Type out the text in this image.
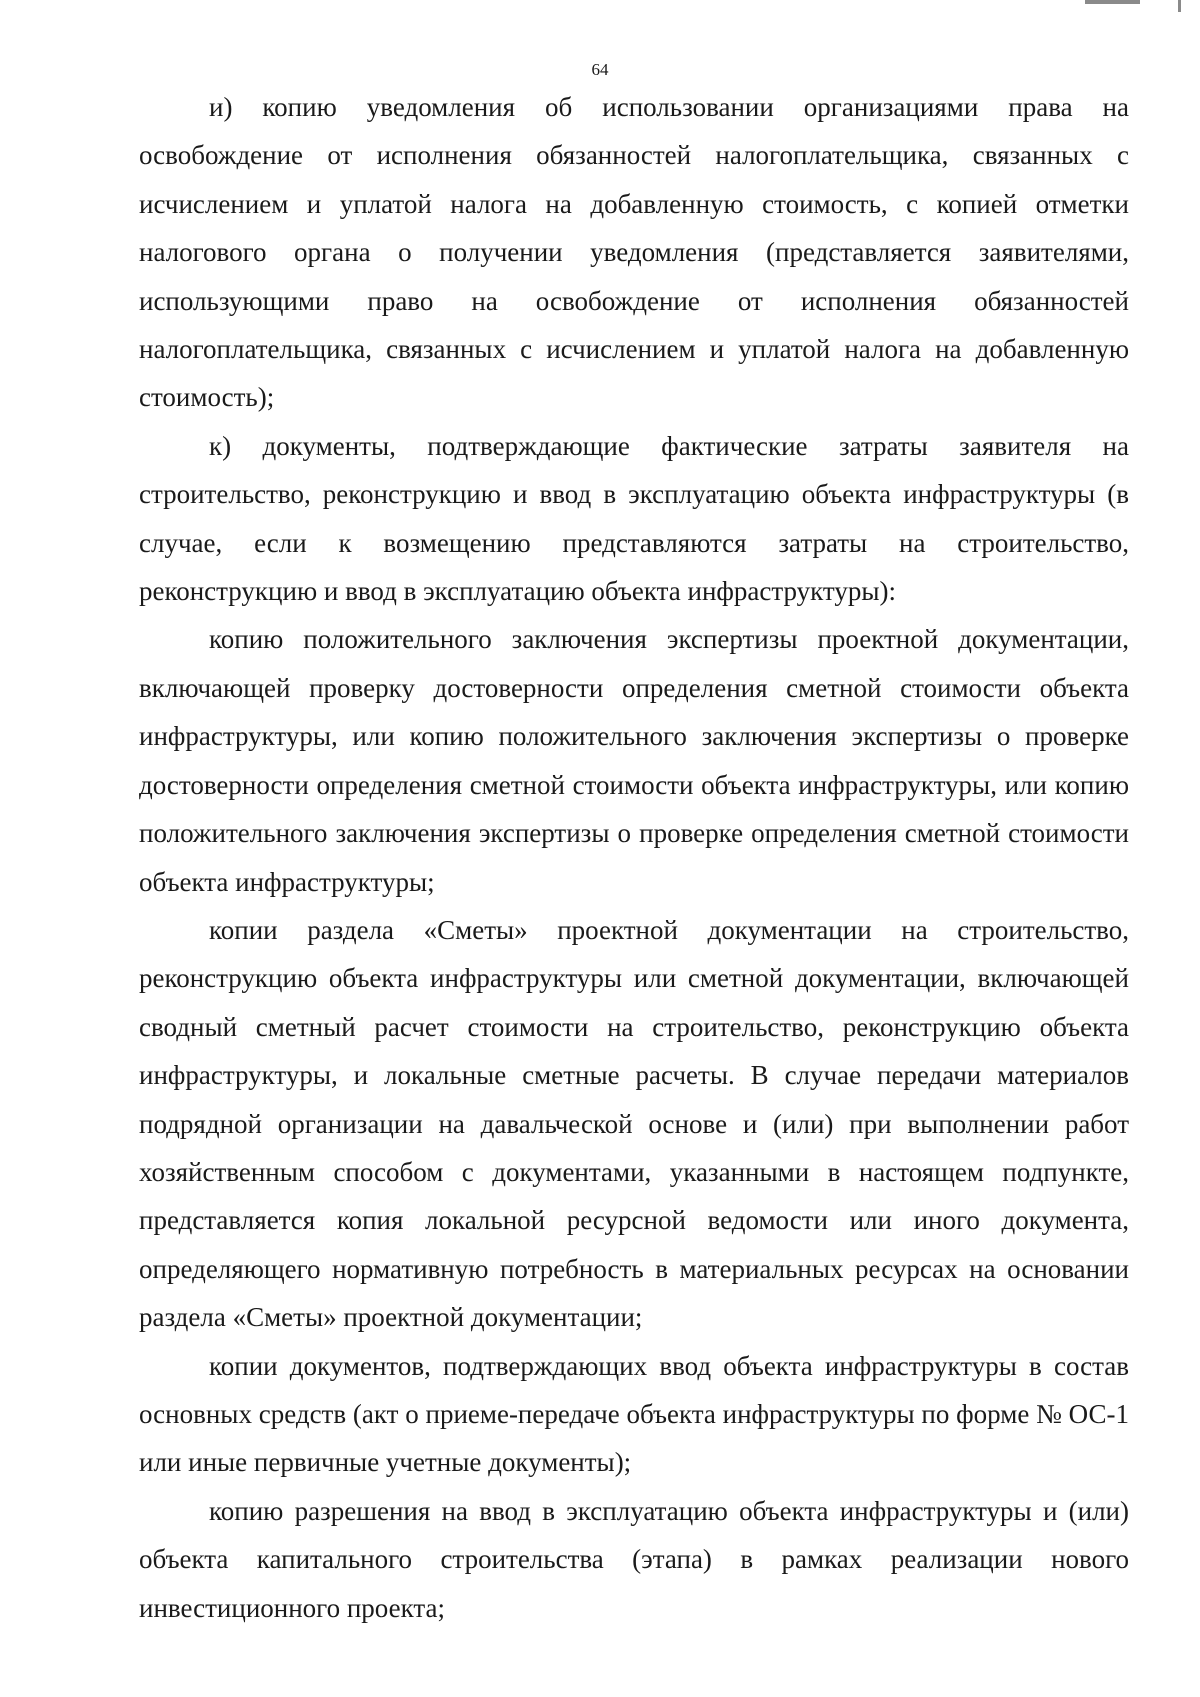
64

и) копию уведомления об использовании организациями права на освобождение от исполнения обязанностей налогоплательщика, связанных с исчислением и уплатой налога на добавленную стоимость, с копией отметки налогового органа о получении уведомления (представляется заявителями, использующими право на освобождение от исполнения обязанностей налогоплательщика, связанных с исчислением и уплатой налога на добавленную стоимость);

к) документы, подтверждающие фактические затраты заявителя на строительство, реконструкцию и ввод в эксплуатацию объекта инфраструктуры (в случае, если к возмещению представляются затраты на строительство, реконструкцию и ввод в эксплуатацию объекта инфраструктуры):

копию положительного заключения экспертизы проектной документации, включающей проверку достоверности определения сметной стоимости объекта инфраструктуры, или копию положительного заключения экспертизы о проверке достоверности определения сметной стоимости объекта инфраструктуры, или копию положительного заключения экспертизы о проверке определения сметной стоимости объекта инфраструктуры;

копии раздела «Сметы» проектной документации на строительство, реконструкцию объекта инфраструктуры или сметной документации, включающей сводный сметный расчет стоимости на строительство, реконструкцию объекта инфраструктуры, и локальные сметные расчеты. В случае передачи материалов подрядной организации на давальческой основе и (или) при выполнении работ хозяйственным способом с документами, указанными в настоящем подпункте, представляется копия локальной ресурсной ведомости или иного документа, определяющего нормативную потребность в материальных ресурсах на основании раздела «Сметы» проектной документации;

копии документов, подтверждающих ввод объекта инфраструктуры в состав основных средств (акт о приеме-передаче объекта инфраструктуры по форме № ОС-1 или иные первичные учетные документы);

копию разрешения на ввод в эксплуатацию объекта инфраструктуры и (или) объекта капитального строительства (этапа) в рамках реализации нового инвестиционного проекта;
